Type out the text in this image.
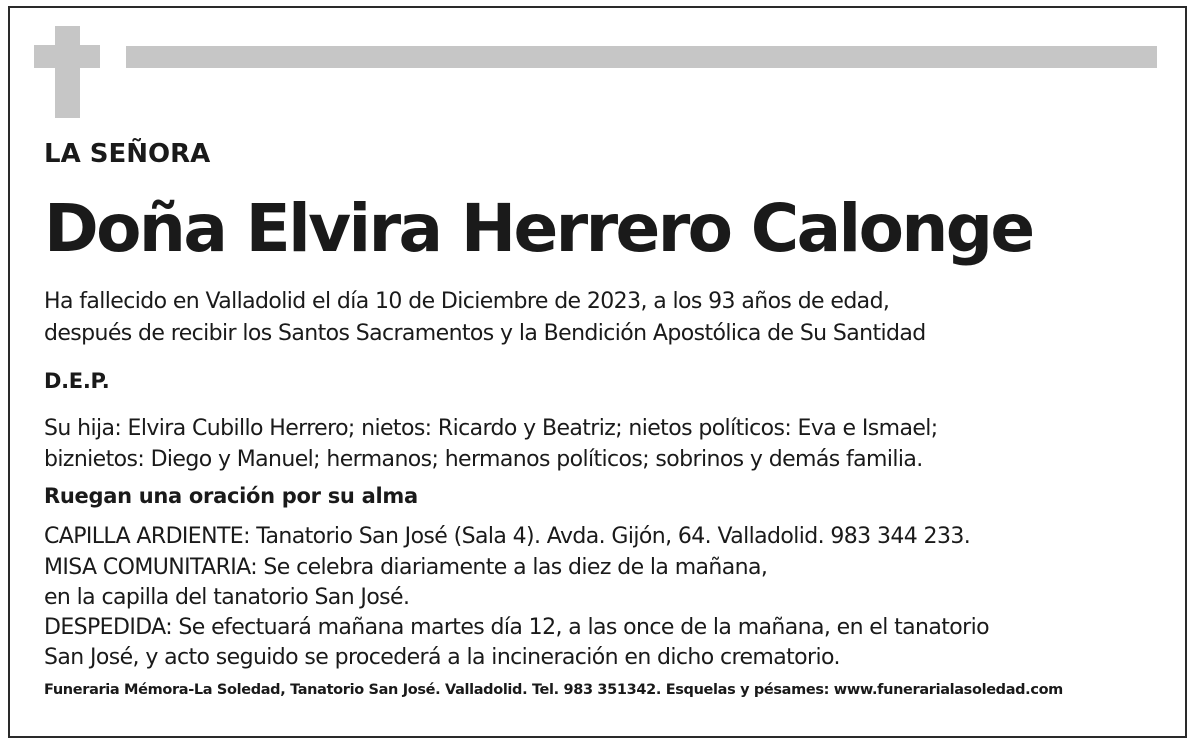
LA SEÑORA
Doña Elvira Herrero Calonge
Ha fallecido en Valladolid el día 10 de Diciembre de 2023, a los 93 años de edad,
después de recibir los Santos Sacramentos y la Bendición Apostólica de Su Santidad
D.E.P.
Su hija: Elvira Cubillo Herrero; nietos: Ricardo y Beatriz; nietos políticos: Eva e Ismael;
biznietos: Diego y Manuel; hermanos; hermanos políticos; sobrinos y demás familia.
Ruegan una oración por su alma
CAPILLA ARDIENTE: Tanatorio San José (Sala 4). Avda. Gijón, 64. Valladolid. 983 344 233.
MISA COMUNITARIA: Se celebra diariamente a las diez de la mañana,
en la capilla del tanatorio San José.
DESPEDIDA: Se efectuará mañana martes día 12, a las once de la mañana, en el tanatorio
San José, y acto seguido se procederá a la incineración en dicho crematorio.
Funeraria Mémora-La Soledad, Tanatorio San José. Valladolid. Tel. 983 351342. Esquelas y pésames: www.funerarialasoledad.com
